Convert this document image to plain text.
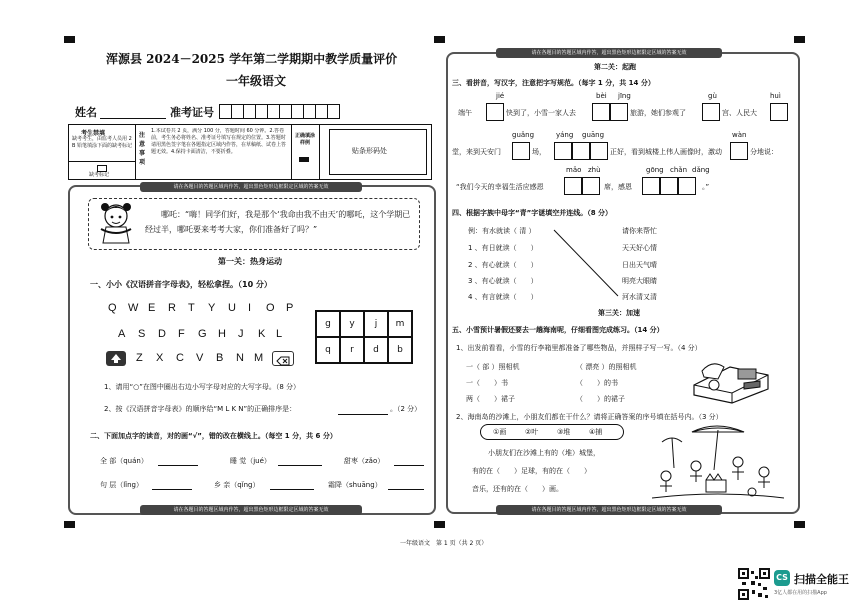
浑源县 2024－2025 学年第二学期期中教学质量评价
一年级语文
姓名	准考证号
考生禁填
缺考考生，由监考人员用 2 B 铅笔填涂下面的缺考标记
缺考标记
注意事项
1.本试卷共 2 页，满分 100 分，答题时间 60 分钟。2.答卷前，考生务必将姓名、准考证号填写在规定的位置。3.答题时请用黑色签字笔在各题指定区域内作答，在草稿纸、试卷上答题无效。4.保持卡面清洁，不要折叠。
正确填涂样例
贴条形码处
请在各题目的答题区域内作答，超出黑色矩形边框限定区域的答案无效
请在各题目的答题区域内作答，超出黑色矩形边框限定区域的答案无效
哪吒：“嗨！同学们好，我是那个‘我命由我不由天’的哪吒，这个学期已经过半，哪吒要来考考大家，你们准备好了吗？”
第一关：热身运动
一、小小《汉语拼音字母表》，轻松拿捏。（10 分）
Q W E R T Y U I O P
A S D F G H J K L
Z X C V B N M
g	y	j	m
q	r	d	b
1、请用“○”在图中圈出右边小写字母对应的大写字母。（8 分）
2、按《汉语拼音字母表》的顺序给“M L K N”的正确排序是：	。（2 分）
二、下面加点字的读音，对的画“√”，错的改在横线上。（每空 1 分，共 6 分）
全 部（quán）	睡 觉（jué）	甜枣（zǎo）
句 层（lǐng）	乡 亲（qǐng）	霜降（shuāng）
请在各题目的答题区域内作答，超出黑色矩形边框限定区域的答案无效
请在各题目的答题区域内作答，超出黑色矩形边框限定区域的答案无效
第二关：起跑
三、看拼音，写汉字，注意把字写规范。（每字 1 分，共 14 分）
jié	bèi jīng	gù	huì
端午	快到了，小雪一家人去	旅游，她们参观了	宫、人民大
guǎng	yáng guāng	wàn
堂，来到天安门	场，	正好，看到城楼上伟人画像时，激动	分地说：
mǎo zhù	gōng chǎn dǎng
“我们今天的幸福生活应感恩	席，感恩	。”
四、根据字族中母字“青”字谜填空并连线。（8 分）
例：有水就读（ 清 ）
1 、有日就读（　　）
2 、有心就读（　　）
3 、有心就读（　　）
4 、有言就读（　　）
请你来帮忙
天天好心情
日出天气晴
明亮大眼睛
河水清又清
第三关：加速
五、小雪预计暑假还要去一趟海南呢，仔细看图完成练习。（14 分）
1、出发前看看，小雪的行李箱里都准备了哪些物品，并照样子写一写。（4 分）
一（ 部 ）照相机	（ 漂亮 ）的照相机
一（　　）书	（　　）的书
两（　　）裙子	（　　）的裙子
2、海南岛的沙滩上，小朋友们都在干什么？请将正确答案的序号填在括号内。（3 分）
①画	②叶	③堆	④捕
小朋友们在沙滩上有的（堆）城堡，
有的在（　　）足球，有的在（　　）
音乐，还有的在（　　）画。
一年级语文　第 1 页（共 2 页）
CS 扫描全能王
3亿人都在用的扫描App
